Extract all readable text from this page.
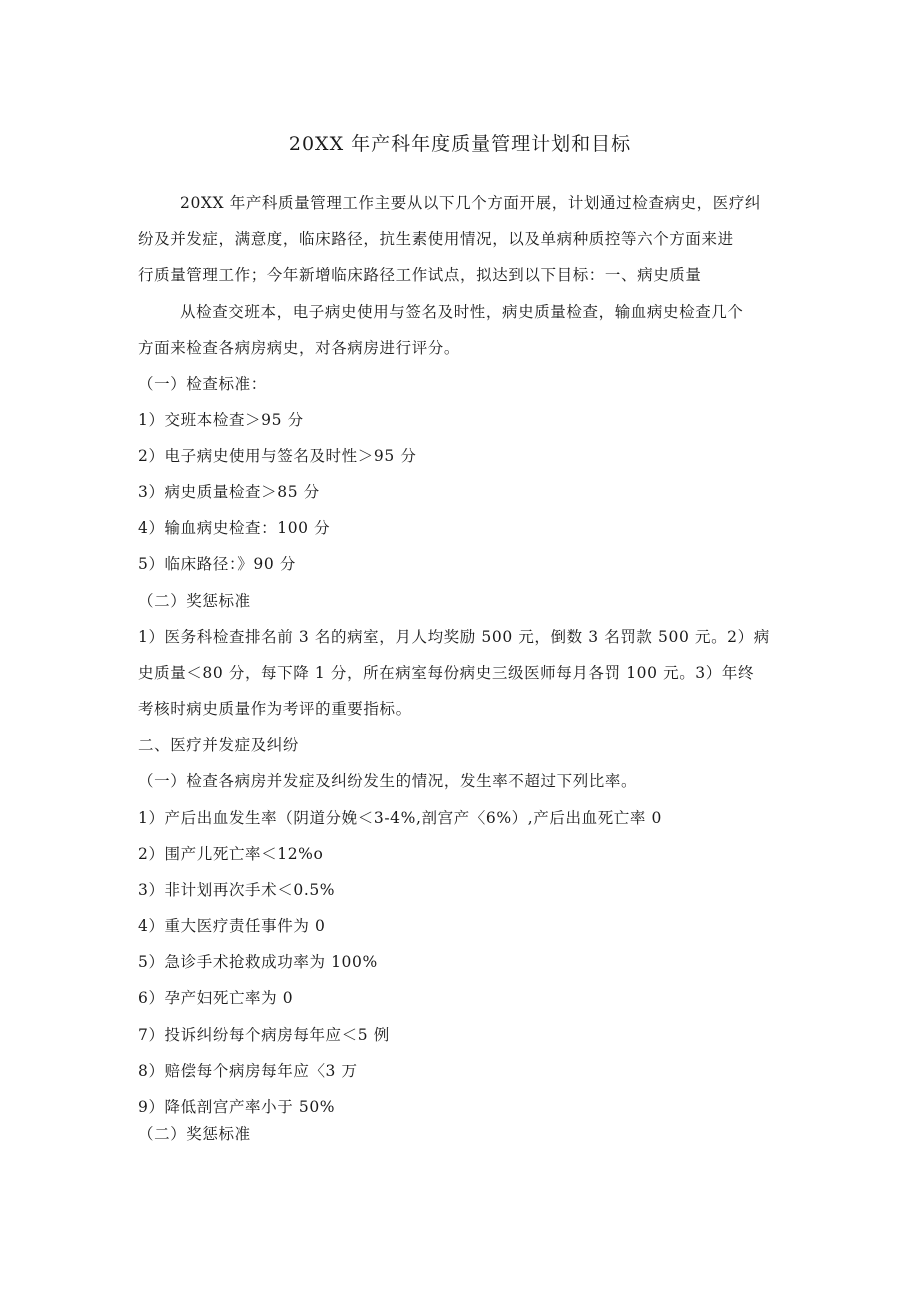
20XX 年产科年度质量管理计划和目标
20XX 年产科质量管理工作主要从以下几个方面开展，计划通过检查病史，医疗纠
纷及并发症，满意度，临床路径，抗生素使用情况，以及单病种质控等六个方面来进
行质量管理工作；今年新增临床路径工作试点，拟达到以下目标：一、病史质量
从检查交班本，电子病史使用与签名及时性，病史质量检查，输血病史检查几个
方面来检查各病房病史，对各病房进行评分。
（一）检查标准：
1）交班本检查＞95 分
2）电子病史使用与签名及时性＞95 分
3）病史质量检查＞85 分
4）输血病史检查：100 分
5）临床路径：》90 分
（二）奖惩标准
1）医务科检查排名前 3 名的病室，月人均奖励 500 元，倒数 3 名罚款 500 元。2）病
史质量＜80 分，每下降 1 分，所在病室每份病史三级医师每月各罚 100 元。3）年终
考核时病史质量作为考评的重要指标。
二、医疗并发症及纠纷
（一）检查各病房并发症及纠纷发生的情况，发生率不超过下列比率。
1）产后出血发生率（阴道分娩＜3-4%,剖宫产〈6%）,产后出血死亡率 0
2）围产儿死亡率＜12%o
3）非计划再次手术＜0.5%
4）重大医疗责任事件为 0
5）急诊手术抢救成功率为 100%
6）孕产妇死亡率为 0
7）投诉纠纷每个病房每年应＜5 例
8）赔偿每个病房每年应〈3 万
9）降低剖宫产率小于 50%
（二）奖惩标准
